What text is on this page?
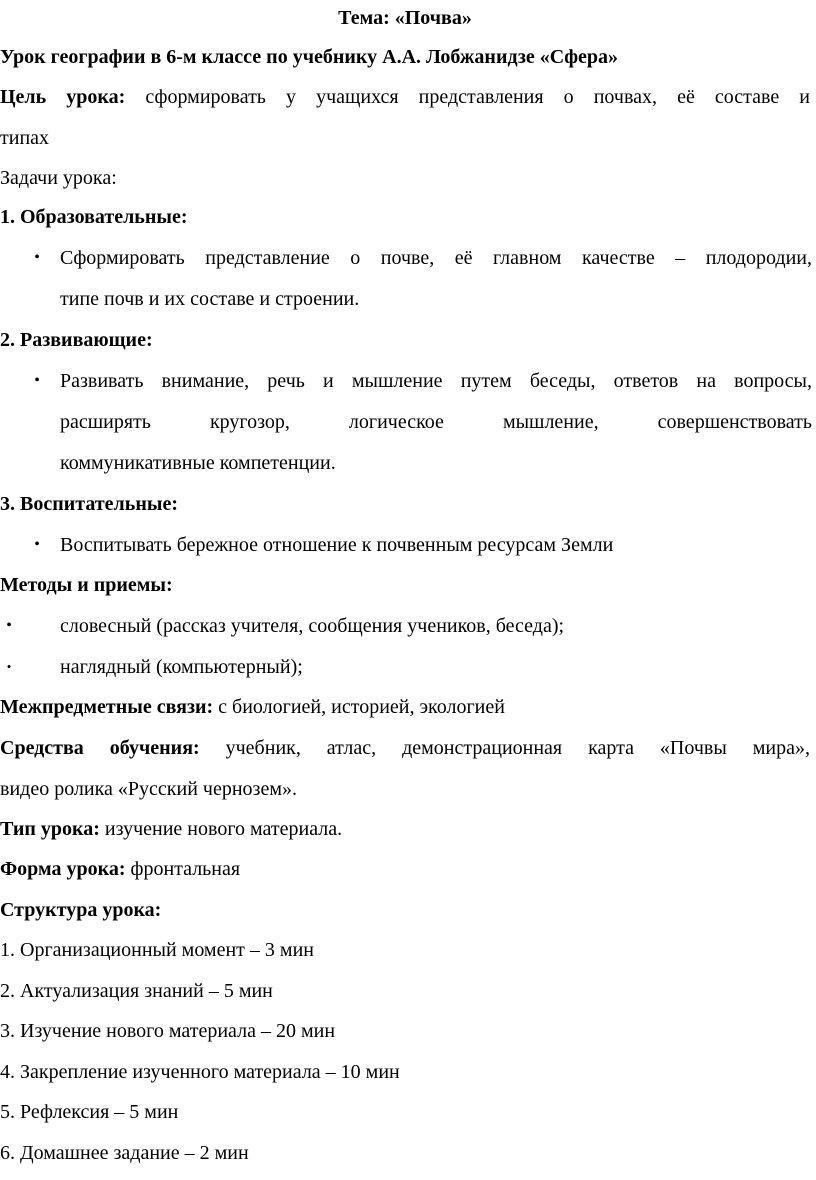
Тема: «Почва»
Урок географии в 6-м классе по учебнику А.А. Лобжанидзе «Сфера»
Цель урока: сформировать у учащихся представления о почвах, её составе и
типах
Задачи урока:
1. Образовательные:
• Сформировать представление о почве, её главном качестве – плодородии,
типе почв и их составе и строении.
2. Развивающие:
• Развивать внимание, речь и мышление путем беседы, ответов на вопросы,
расширять кругозор, логическое мышление, совершенствовать
коммуникативные компетенции.
3. Воспитательные:
• Воспитывать бережное отношение к почвенным ресурсам Земли
Методы и приемы:
• словесный (рассказ учителя, сообщения учеников, беседа);
• наглядный (компьютерный);
Межпредметные связи: с биологией, историей, экологией
Средства обучения: учебник, атлас, демонстрационная карта «Почвы мира»,
видео ролика «Русский чернозем».
Тип урока: изучение нового материала.
Форма урока: фронтальная
Структура урока:
1. Организационный момент – 3 мин
2. Актуализация знаний – 5 мин
3. Изучение нового материала – 20 мин
4. Закрепление изученного материала – 10 мин
5. Рефлексия – 5 мин
6. Домашнее задание – 2 мин
